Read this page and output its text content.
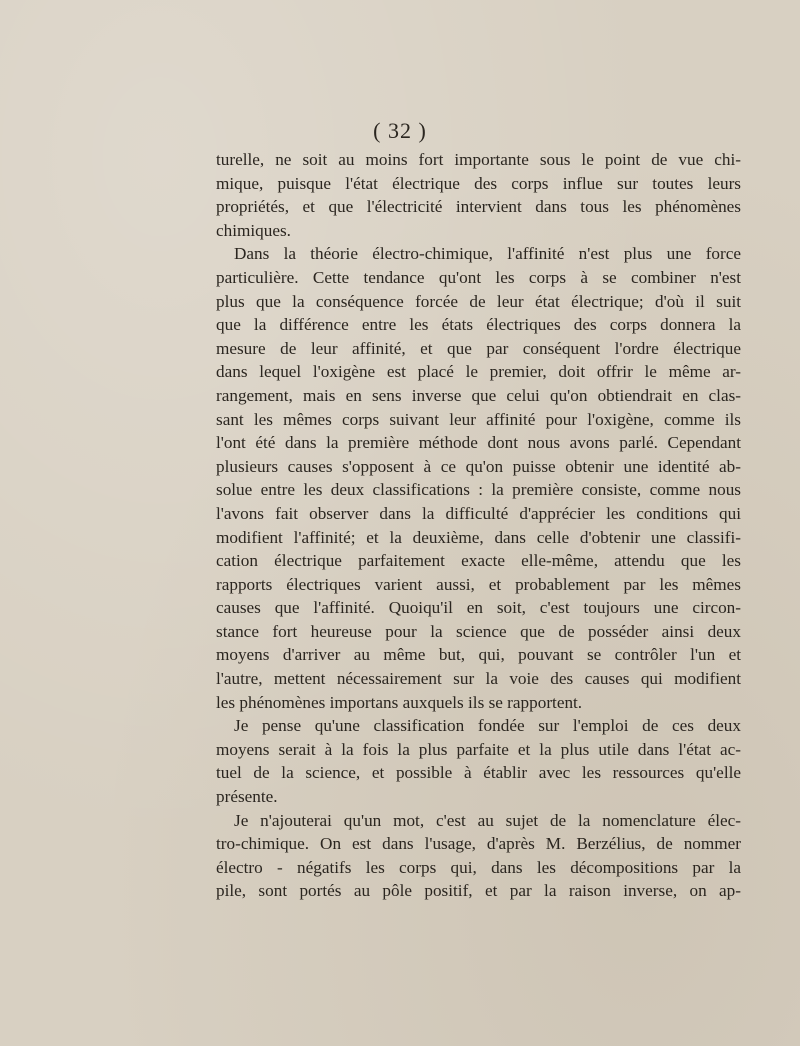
( 32 )
turelle, ne soit au moins fort importante sous le point de vue chi-
mique, puisque l'état électrique des corps influe sur toutes leurs
propriétés, et que l'électricité intervient dans tous les phénomènes
chimiques.
Dans la théorie électro-chimique, l'affinité n'est plus une force
particulière. Cette tendance qu'ont les corps à se combiner n'est
plus que la conséquence forcée de leur état électrique; d'où il suit
que la différence entre les états électriques des corps donnera la
mesure de leur affinité, et que par conséquent l'ordre électrique
dans lequel l'oxigène est placé le premier, doit offrir le même ar-
rangement, mais en sens inverse que celui qu'on obtiendrait en clas-
sant les mêmes corps suivant leur affinité pour l'oxigène, comme ils
l'ont été dans la première méthode dont nous avons parlé. Cependant
plusieurs causes s'opposent à ce qu'on puisse obtenir une identité ab-
solue entre les deux classifications : la première consiste, comme nous
l'avons fait observer dans la difficulté d'apprécier les conditions qui
modifient l'affinité; et la deuxième, dans celle d'obtenir une classifi-
cation électrique parfaitement exacte elle-même, attendu que les
rapports électriques varient aussi, et probablement par les mêmes
causes que l'affinité. Quoiqu'il en soit, c'est toujours une circon-
stance fort heureuse pour la science que de posséder ainsi deux
moyens d'arriver au même but, qui, pouvant se contrôler l'un et
l'autre, mettent nécessairement sur la voie des causes qui modifient
les phénomènes importans auxquels ils se rapportent.
Je pense qu'une classification fondée sur l'emploi de ces deux
moyens serait à la fois la plus parfaite et la plus utile dans l'état ac-
tuel de la science, et possible à établir avec les ressources qu'elle
présente.
Je n'ajouterai qu'un mot, c'est au sujet de la nomenclature élec-
tro-chimique. On est dans l'usage, d'après M. Berzélius, de nommer
électro - négatifs les corps qui, dans les décompositions par la
pile, sont portés au pôle positif, et par la raison inverse, on ap-
